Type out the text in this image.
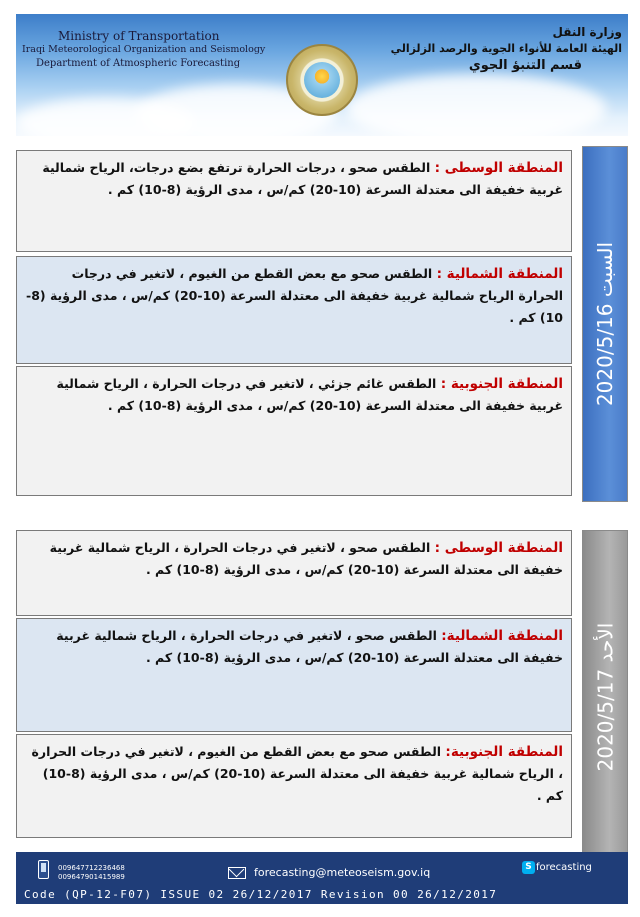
Ministry of Transportation
Iraqi Meteorological Organization and Seismology
Department of Atmospheric Forecasting
وزارة النقل
الهيئة العامة للأنواء الجوية والرصد الزلزالي
قسم التنبؤ الجوي
المنطقة الوسطى : الطقس صحو ، درجات الحرارة ترتفع بضع درجات، الرياح شمالية غربية خفيفة الى معتدلة السرعة (10-20) كم/س ، مدى الرؤية (8-10) كم .
المنطقة الشمالية : الطقس صحو مع بعض القطع من الغيوم ، لاتغير في درجات الحرارة الرياح شمالية غربية خفيفة الى معتدلة السرعة (10-20) كم/س ، مدى الرؤية (8-10) كم .
المنطقة الجنوبية : الطقس غائم جزئي ، لاتغير في درجات الحرارة ، الرياح شمالية غربية خفيفة الى معتدلة السرعة (10-20) كم/س ، مدى الرؤية (8-10) كم .	السبت 2020/5/16
المنطقة الوسطى : الطقس صحو ، لاتغير في درجات الحرارة ، الرياح شمالية غربية خفيفة الى معتدلة السرعة (10-20) كم/س ، مدى الرؤية (8-10) كم .
المنطقة الشمالية: الطقس صحو ، لاتغير في درجات الحرارة ، الرياح شمالية غربية خفيفة الى معتدلة السرعة (10-20) كم/س ، مدى الرؤية (8-10) كم .
المنطقة الجنوبية: الطقس صحو مع بعض القطع من الغيوم ، لاتغير في درجات الحرارة ، الرياح شمالية غربية خفيفة الى معتدلة السرعة (10-20) كم/س ، مدى الرؤية (8-10) كم .
الأحد 2020/5/17
009647712236468
009647901415989	forecasting@meteoseism.gov.iq	S forecasting
Code (QP-12-F07) ISSUE 02 26/12/2017 Revision 00 26/12/2017
